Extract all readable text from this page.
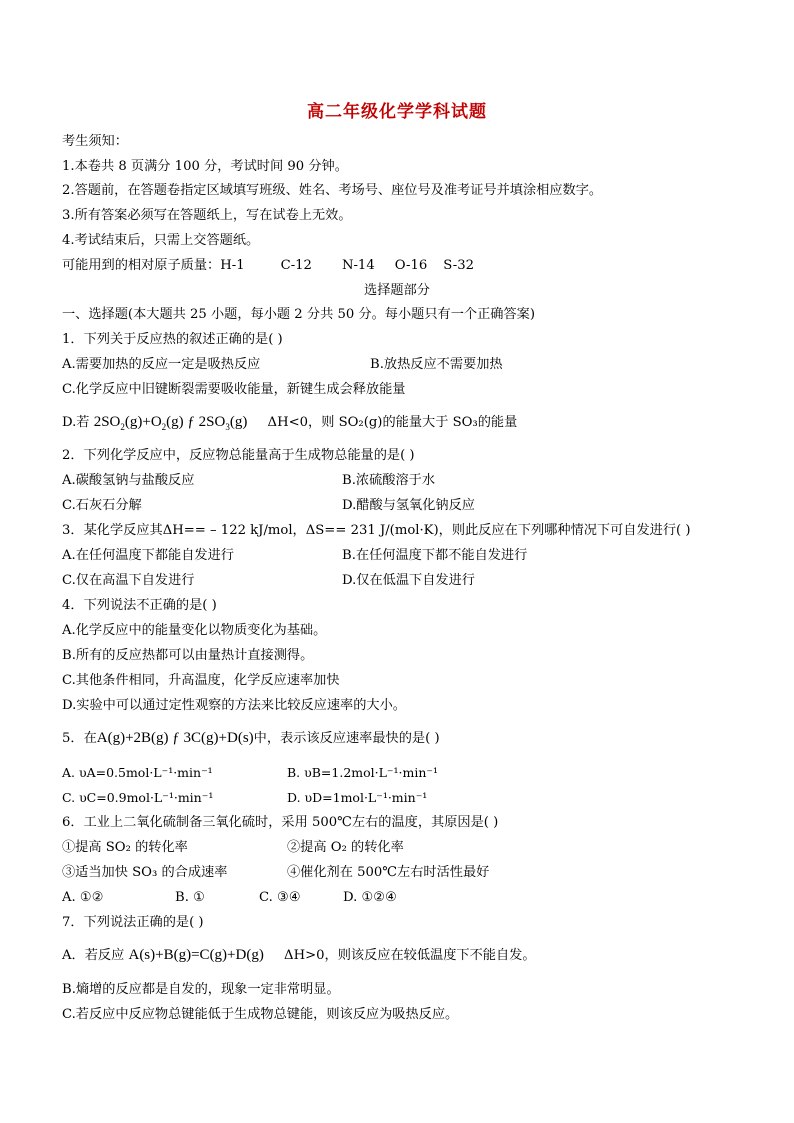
高二年级化学学科试题
考生须知：
1.本卷共 8 页满分 100 分，考试时间 90 分钟。
2.答题前，在答题卷指定区域填写班级、姓名、考场号、座位号及准考证号并填涂相应数字。
3.所有答案必须写在答题纸上，写在试卷上无效。
4.考试结束后，只需上交答题纸。
可能用到的相对原子质量：H-1	C-12 N-14 O-16 S-32
选择题部分
一、选择题(本大题共 25 小题，每小题 2 分共 50 分。每小题只有一个正确答案)
1．下列关于反应热的叙述正确的是( )
A.需要加热的反应一定是吸热反应	B.放热反应不需要加热
C.化学反应中旧键断裂需要吸收能量，新键生成会释放能量
D.若 $2SO_2(g)+O_2(g)$ ƒ $2SO_3(g)$ ΔH<0，则 SO₂(g)的能量大于 SO₃的能量
2．下列化学反应中，反应物总能量高于生成物总能量的是( )
A.碳酸氢钠与盐酸反应	B.浓硫酸溶于水
C.石灰石分解	D.醋酸与氢氧化钠反应
3．某化学反应其ΔH== – 122 kJ/mol，ΔS== 231 J/(mol·K)，则此反应在下列哪种情况下可自发进行( )
A.在任何温度下都能自发进行	B.在任何温度下都不能自发进行
C.仅在高温下自发进行	D.仅在低温下自发进行
4．下列说法不正确的是( )
A.化学反应中的能量变化以物质变化为基础。
B.所有的反应热都可以由量热计直接测得。
C.其他条件相同，升高温度，化学反应速率加快
D.实验中可以通过定性观察的方法来比较反应速率的大小。
5．在A(g)+2B(g) ƒ 3C(g)+D(s)中，表示该反应速率最快的是( )
A. υA=0.5mol·L⁻¹·min⁻¹	B. υB=1.2mol·L⁻¹·min⁻¹
C. υC=0.9mol·L⁻¹·min⁻¹	D. υD=1mol·L⁻¹·min⁻¹
6．工业上二氧化硫制备三氧化硫时，采用 500℃左右的温度，其原因是( )
①提高 SO₂ 的转化率	②提高 O₂ 的转化率
③适当加快 SO₃ 的合成速率	④催化剂在 500℃左右时活性最好
A. ①②	B. ①	C. ③④	D. ①②④
7．下列说法正确的是( )
A．若反应 A(s)+B(g)=C(g)+D(g) ΔH>0，则该反应在较低温度下不能自发。
B.熵增的反应都是自发的，现象一定非常明显。
C.若反应中反应物总键能低于生成物总键能，则该反应为吸热反应。
